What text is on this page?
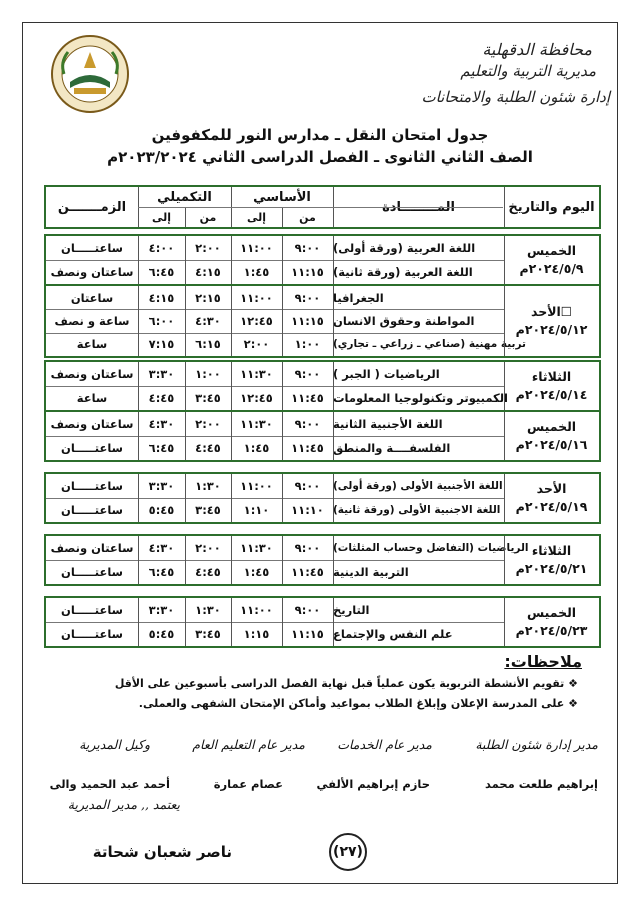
محافظة الدقهلية
مديرية التربية والتعليم
إدارة شئون الطلبة والامتحانات
جدول امتحان النقل ـ مدارس النور للمكفوفين
الصف الثاني الثانوى ـ الفصل الدراسى الثاني ٢٠٢٣/٢٠٢٤م
اليوم والتاريخ
المــــــــادة
الأساسي
التكميلي
من
إلى
من
إلى
الزمـــــــن
الخميس
٢٠٢٤/٥/٩م
اللغة العربية (ورقة أولى)
٩:٠٠
١١:٠٠
٢:٠٠
٤:٠٠
ساعتـــــان
اللغة العربية (ورقة ثانية)
١١:١٥
١:٤٥
٤:١٥
٦:٤٥
ساعتان ونصف
☐الأحد
٢٠٢٤/٥/١٢م
الجغرافيا
٩:٠٠
١١:٠٠
٢:١٥
٤:١٥
ساعتان
المواطنة وحقوق الانسان
١١:١٥
١٢:٤٥
٤:٣٠
٦:٠٠
ساعة و نصف
تربية مهنية (صناعي ـ زراعي ـ تجاري)
١:٠٠
٢:٠٠
٦:١٥
٧:١٥
ساعة
الثلاثاء
٢٠٢٤/٥/١٤م
الرياضيات ( الجبر )
٩:٠٠
١١:٣٠
١:٠٠
٣:٣٠
ساعتان ونصف
الكمبيوتر وتكنولوجيا المعلومات
١١:٤٥
١٢:٤٥
٣:٤٥
٤:٤٥
ساعة
الخميس
٢٠٢٤/٥/١٦م
اللغة الأجنبية الثانية
٩:٠٠
١١:٣٠
٢:٠٠
٤:٣٠
ساعتان ونصف
الفلسفــــة والمنطق
١١:٤٥
١:٤٥
٤:٤٥
٦:٤٥
ساعتـــــان
الأحد
٢٠٢٤/٥/١٩م
اللغة الأجنبية الأولى (ورقة أولى)
٩:٠٠
١١:٠٠
١:٣٠
٣:٣٠
ساعتـــــان
اللغة الاجنبية الأولى (ورقة ثانية)
١١:١٠
١:١٠
٣:٤٥
٥:٤٥
ساعتـــــان
الثلاثاء
٢٠٢٤/٥/٢١م
الرياضيات (التفاضل وحساب المثلثات)
٩:٠٠
١١:٣٠
٢:٠٠
٤:٣٠
ساعتان ونصف
التربية الدينية
١١:٤٥
١:٤٥
٤:٤٥
٦:٤٥
ساعتـــــان
الخميس
٢٠٢٤/٥/٢٣م
التاريخ
٩:٠٠
١١:٠٠
١:٣٠
٣:٣٠
ساعتـــــان
علم النفس والإجتماع
١١:١٥
١:١٥
٣:٤٥
٥:٤٥
ساعتـــــان
ملاحظات:
❖ تقويم الأنشطة التربوية يكون عملياً قبل نهاية الفصل الدراسى بأسبوعين على الأقل
❖ على المدرسة الإعلان وإبلاغ الطلاب بمواعيد وأماكن الإمتحان الشفهى والعملى.
مدير إدارة شئون الطلبة
مدير عام الخدمات
مدير عام التعليم العام
وكيل المديرية
إبراهيم طلعت محمد
حازم إبراهيم الألفي
عصام عمارة
أحمد عبد الحميد والى
يعتمد ,, مدير المديرية
ناصر شعبان شحاتة	(٢٧)
